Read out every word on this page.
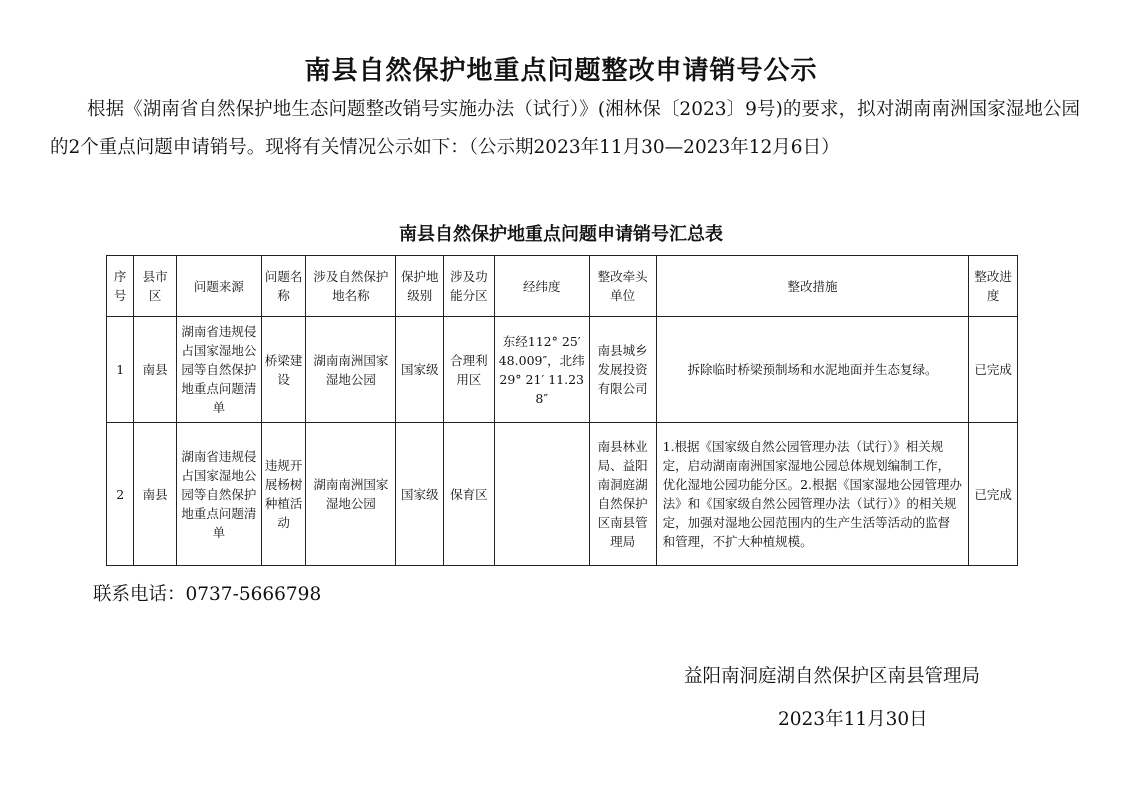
南县自然保护地重点问题整改申请销号公示
根据《湖南省自然保护地生态问题整改销号实施办法（试行）》(湘林保〔2023〕9号)的要求，拟对湖南南洲国家湿地公园的2个重点问题申请销号。现将有关情况公示如下：（公示期2023年11月30—2023年12月6日）
南县自然保护地重点问题申请销号汇总表
序号	县市区	问题来源	问题名称	涉及自然保护地名称	保护地级别	涉及功能分区	经纬度	整改牵头单位	整改措施	整改进度
1	南县	湖南省违规侵占国家湿地公园等自然保护地重点问题清单	桥梁建设	湖南南洲国家湿地公园	国家级	合理利用区	东经112° 25′ 48.009″，北纬29° 21′ 11.238″	南县城乡发展投资有限公司	拆除临时桥梁预制场和水泥地面并生态复绿。	已完成
2	南县	湖南省违规侵占国家湿地公园等自然保护地重点问题清单	违规开展杨树种植活动	湖南南洲国家湿地公园	国家级	保育区		南县林业局、益阳南洞庭湖自然保护区南县管理局	1.根据《国家级自然公园管理办法（试行）》相关规定，启动湖南南洲国家湿地公园总体规划编制工作，优化湿地公园功能分区。2.根据《国家湿地公园管理办法》和《国家级自然公园管理办法（试行）》的相关规定，加强对湿地公园范围内的生产生活等活动的监督和管理，不扩大种植规模。	已完成
联系电话：0737-5666798
益阳南洞庭湖自然保护区南县管理局
2023年11月30日
